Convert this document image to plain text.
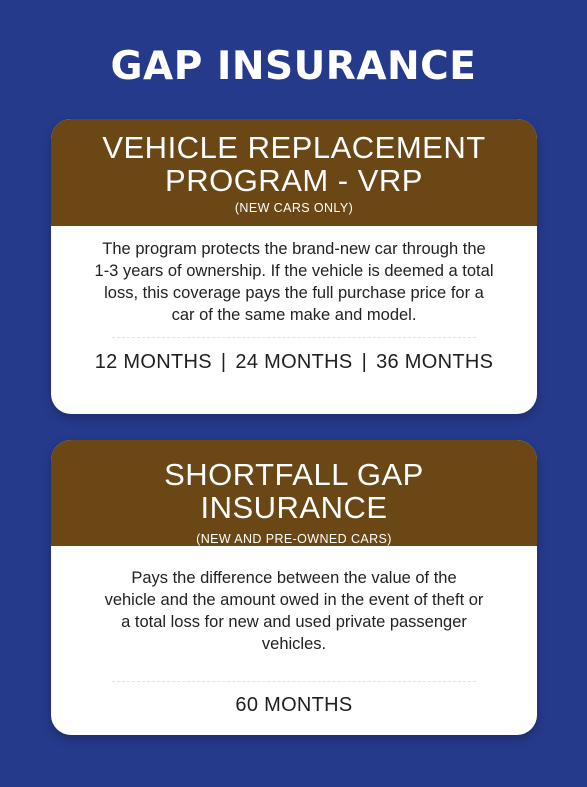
GAP INSURANCE
VEHICLE REPLACEMENT PROGRAM - VRP
(NEW CARS ONLY)
The program protects the brand-new car through the 1-3 years of ownership. If the vehicle is deemed a total loss, this coverage pays the full purchase price for a car of the same make and model.
12 MONTHS | 24 MONTHS | 36 MONTHS
SHORTFALL GAP INSURANCE
(NEW AND PRE-OWNED CARS)
Pays the difference between the value of the vehicle and the amount owed in the event of theft or a total loss for new and used private passenger vehicles.
60 MONTHS
